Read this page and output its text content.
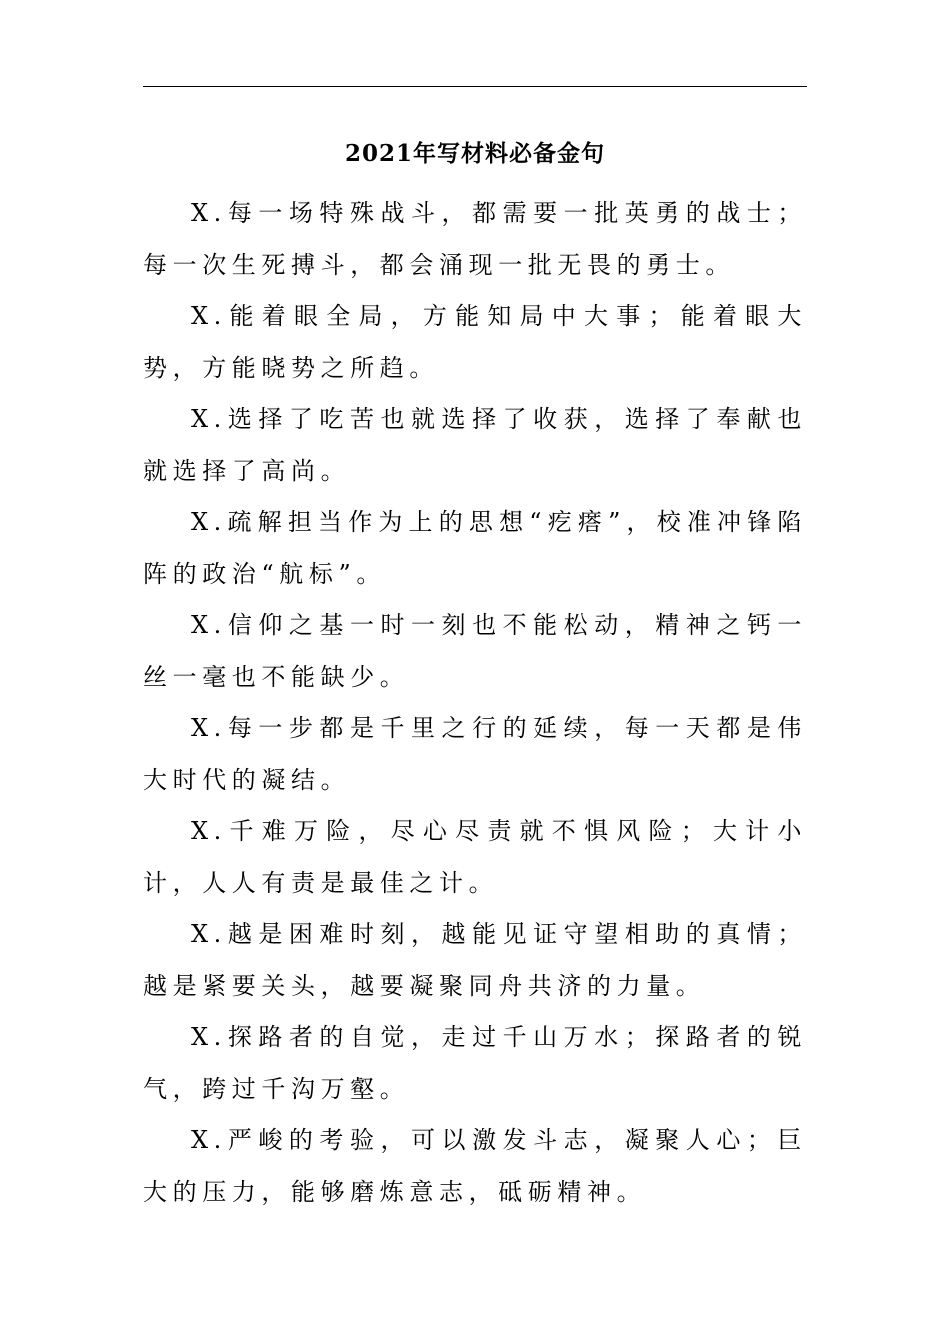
2021年写材料必备金句

X.每一场特殊战斗，都需要一批英勇的战士；每一次生死搏斗，都会涌现一批无畏的勇士。

X.能着眼全局，方能知局中大事；能着眼大势，方能晓势之所趋。

X.选择了吃苦也就选择了收获，选择了奉献也就选择了高尚。

X.疏解担当作为上的思想“疙瘩”，校准冲锋陷阵的政治“航标”。

X.信仰之基一时一刻也不能松动，精神之钙一丝一毫也不能缺少。

X.每一步都是千里之行的延续，每一天都是伟大时代的凝结。

X.千难万险，尽心尽责就不惧风险；大计小计，人人有责是最佳之计。

X.越是困难时刻，越能见证守望相助的真情；越是紧要关头，越要凝聚同舟共济的力量。

X.探路者的自觉，走过千山万水；探路者的锐气，跨过千沟万壑。

X.严峻的考验，可以激发斗志，凝聚人心；巨大的压力，能够磨炼意志，砥砺精神。
